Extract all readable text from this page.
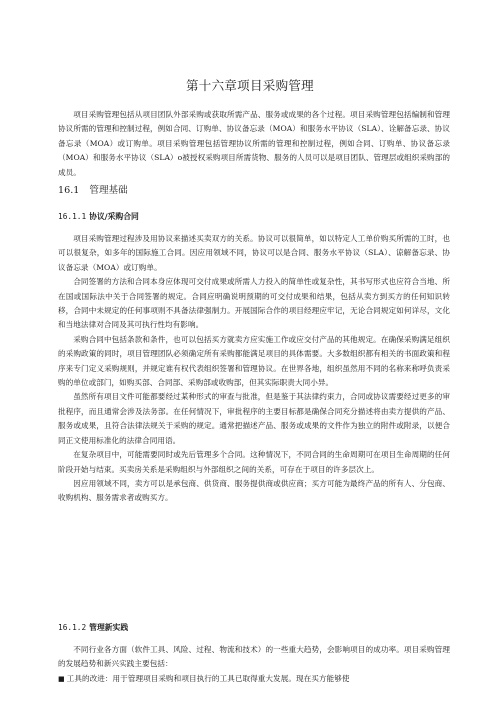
第十六章项目采购管理

项目采购管理包括从项目团队外部采购或获取所需产品、服务或成果的各个过程。项目采购管理包括编制和管理协议所需的管理和控制过程，例如合同、订购单、协议备忘录（MOA）和服务水平协议（SLA）、诠解备忘录、协议备忘录（MOA）或订购单。项目采购管理包括管理协议所需的管理和控制过程，例如合同、订购单、协议备忘录（MOA）和服务水平协议（SLA）o被授权采购项目所需货物、服务的人员可以是项目团队、管理层或组织采购部的成员。

16.1 管理基础
16.1.1 协议/采购合同

项目采购管理过程涉及用协议来描述买卖双方的关系。协议可以很简单，如以特定人工单价购买所需的工时，也可以很复杂，如多年的国际施工合同。因应用领域不同，协议可以是合同、服务水平协议（SLA）、谅解备忘录、协议备忘录（MOA）或订购单。

合同签署的方法和合同本身应体现可交付成果或所需人力投入的简单性或复杂性，其书写形式也应符合当地、所在国或国际法中关于合同签署的规定。合同应明确说明预期的可交付成果和结果，包括从卖方到买方的任何知识转移，合同中未规定的任何事项则不具备法律强制力。开展国际合作的项目经理应牢记，无论合同规定如何详尽，文化和当地法律对合同及其可执行性均有影响。

采购合同中包括条款和条件，也可以包括买方就卖方应实施工作或应交付产品的其他规定。在确保采购满足组织的采购政策的同时，项目管理团队必须确定所有采购都能满足项目的具体需要。大多数组织都有相关的书面政策和程序来专门定义采购规则，并规定谁有权代表组织签署和管理协议。在世界各地，组织虽然用不同的名称来称呼负责采购的单位或部门，如购买部、合同部、采购部或收购部，但其实际职责大同小异。

虽然所有项目文件可能都要经过某种形式的审查与批准，但是鉴于其法律约束力，合同或协议需要经过更多的审批程序，而且通常会涉及法务部。在任何情况下，审批程序的主要目标都是确保合同充分描述将由卖方提供的产品、服务或成果，且符合法律法规关于采购的规定。通常把描述产品、服务或成果的文件作为独立的附件或附录，以便合同正文使用标准化的法律合同用语。

在复杂项目中，可能需要同时或先后管理多个合同。这种情况下，不同合同的生命周期可在项目生命周期的任何阶段开始与结束。买卖房关系是采购组织与外部组织之间的关系，可存在于项目的许多层次上。

因应用领域不同，卖方可以是承包商、供货商、服务提供商或供应商；买方可能为最终产品的所有人、分包商、收购机构、服务需求者或购买方。

16.1.2 管理新实践

不同行业各方面（软件工具、风险、过程、物流和技术）的一些重大趋势，会影响项目的成功率。项目采购管理的发展趋势和新兴实践主要包括：

■ 工具的改进：用于管理项目采购和项目执行的工具已取得重大发展。现在买方能够使
